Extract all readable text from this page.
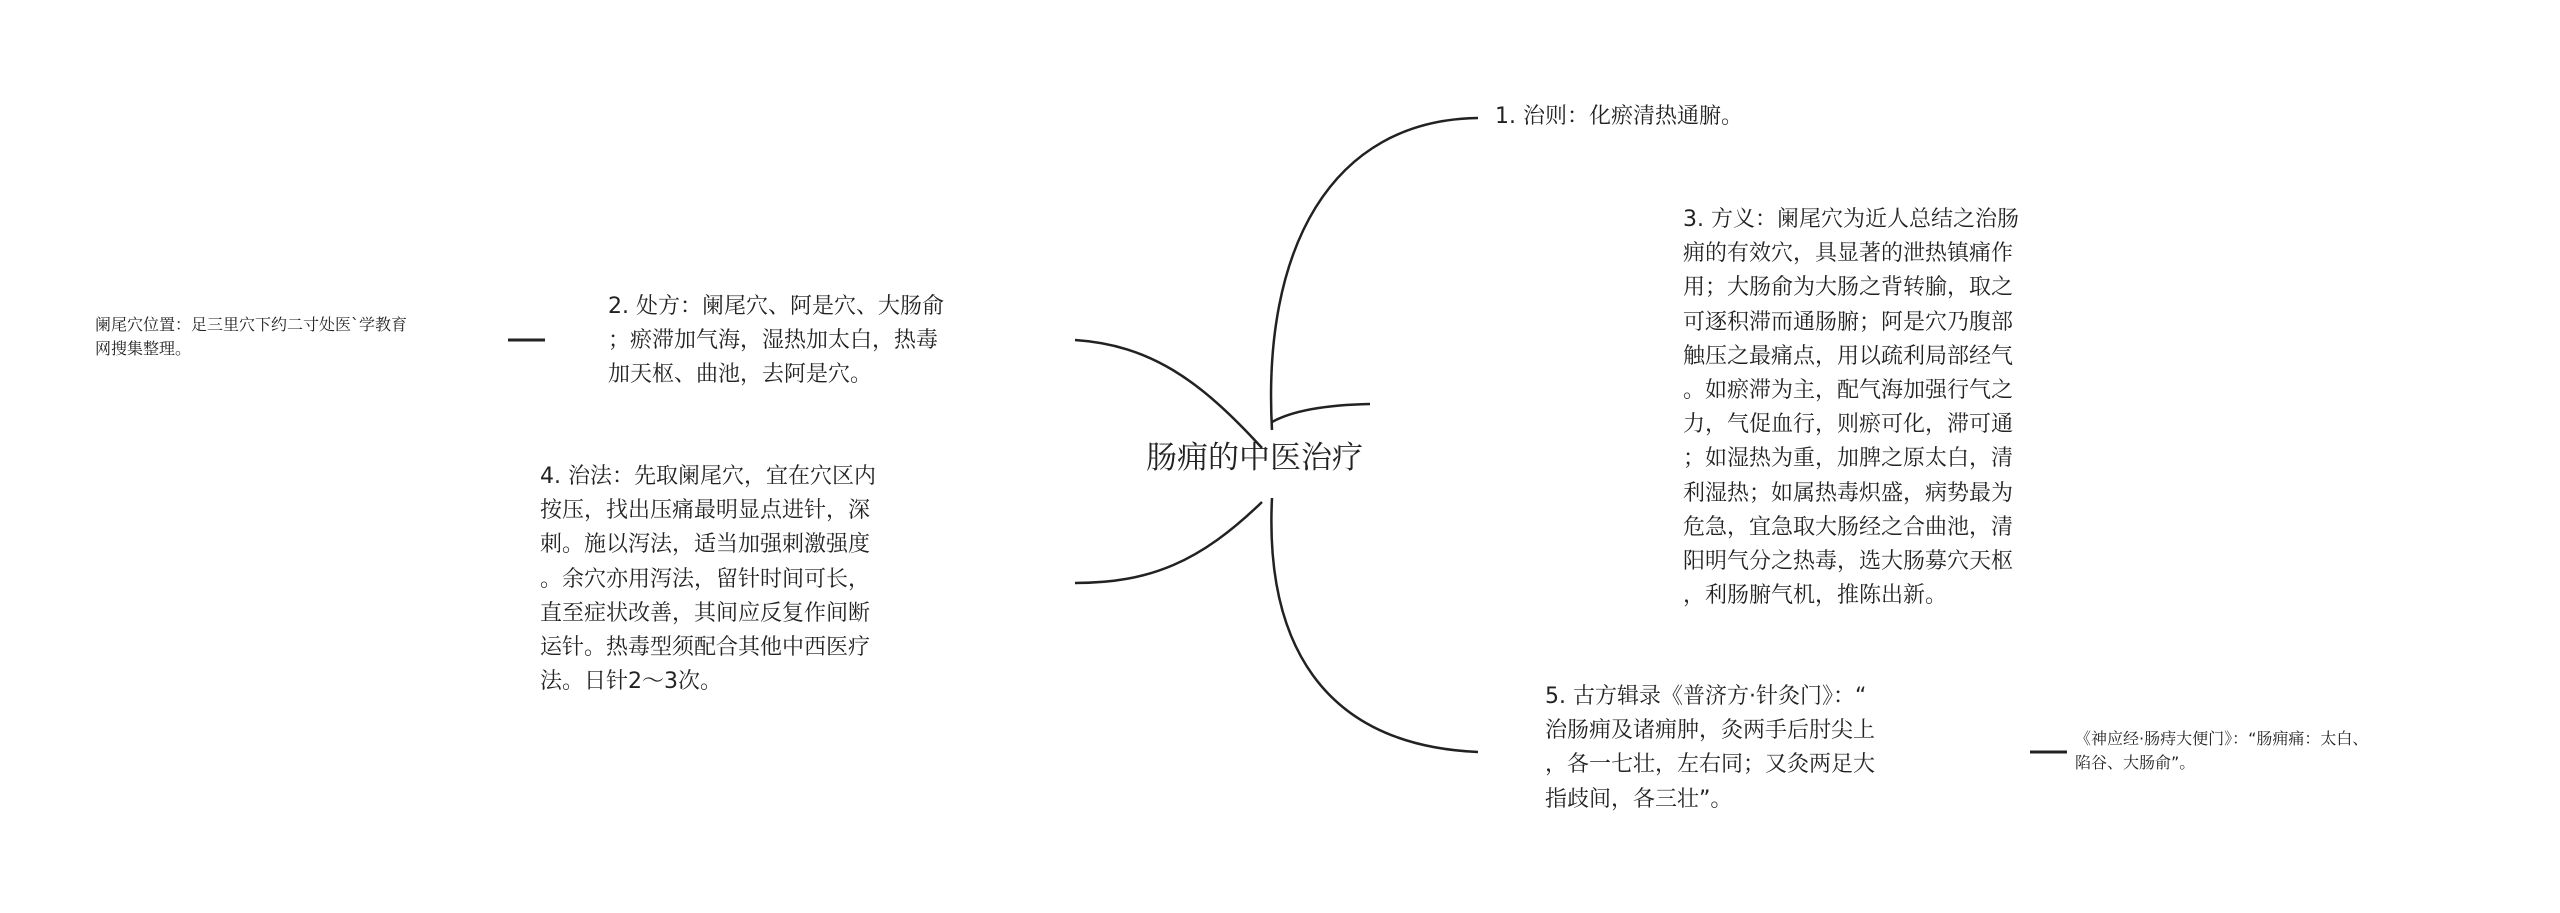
肠痈的中医治疗
1. 治则：化瘀清热通腑。
2. 处方：阑尾穴、阿是穴、大肠俞
；瘀滞加气海，湿热加太白，热毒
加天枢、曲池，去阿是穴。
3. 方义：阑尾穴为近人总结之治肠
痈的有效穴，具显著的泄热镇痛作
用；大肠俞为大肠之背转腧，取之
可逐积滞而通肠腑；阿是穴乃腹部
触压之最痛点，用以疏利局部经气
。如瘀滞为主，配气海加强行气之
力，气促血行，则瘀可化，滞可通
；如湿热为重，加脾之原太白，清
利湿热；如属热毒炽盛，病势最为
危急，宜急取大肠经之合曲池，清
阳明气分之热毒，选大肠募穴天枢
，利肠腑气机，推陈出新。
4. 治法：先取阑尾穴，宜在穴区内
按压，找出压痛最明显点进针，深
刺。施以泻法，适当加强刺激强度
。余穴亦用泻法，留针时间可长，
直至症状改善，其间应反复作间断
运针。热毒型须配合其他中西医疗
法。日针2～3次。
5. 古方辑录《普济方·针灸门》：“
治肠痈及诸痈肿，灸两手后肘尖上
，各一七壮，左右同；又灸两足大
指歧间，各三壮”。
阑尾穴位置：足三里穴下约二寸处医`学教育
网搜集整理。
《神应经·肠痔大便门》：“肠痈痛：太白、
陷谷、大肠俞”。
